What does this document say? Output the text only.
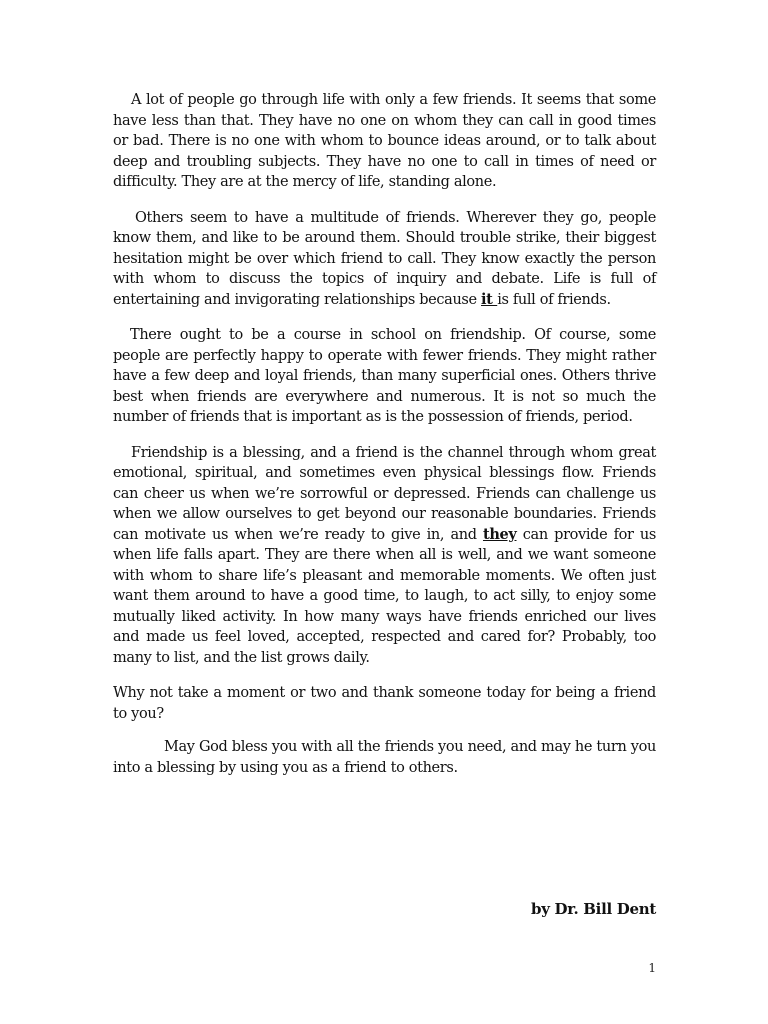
A lot of people go through life with only a few friends. It seems that some have less than that. They have no one on whom they can call in good times or bad. There is no one with whom to bounce ideas around, or to talk about deep and troubling subjects. They have no one to call in times of need or difficulty. They are at the mercy of life, standing alone.

Others seem to have a multitude of friends. Wherever they go, people know them, and like to be around them. Should trouble strike, their biggest hesitation might be over which friend to call. They know exactly the person with whom to discuss the topics of inquiry and debate. Life is full of entertaining and invigorating relationships because it is full of friends.

There ought to be a course in school on friendship. Of course, some people are perfectly happy to operate with fewer friends. They might rather have a few deep and loyal friends, than many superficial ones. Others thrive best when friends are everywhere and numerous. It is not so much the number of friends that is important as is the possession of friends, period.

Friendship is a blessing, and a friend is the channel through whom great emotional, spiritual, and sometimes even physical blessings flow. Friends can cheer us when we’re sorrowful or depressed. Friends can challenge us when we allow ourselves to get beyond our reasonable boundaries. Friends can motivate us when we’re ready to give in, and they can provide for us when life falls apart. They are there when all is well, and we want someone with whom to share life’s pleasant and memorable moments. We often just want them around to have a good time, to laugh, to act silly, to enjoy some mutually liked activity. In how many ways have friends enriched our lives and made us feel loved, accepted, respected and cared for? Probably, too many to list, and the list grows daily.

Why not take a moment or two and thank someone today for being a friend to you?

May God bless you with all the friends you need, and may he turn you into a blessing by using you as a friend to others.

by Dr. Bill Dent
1
